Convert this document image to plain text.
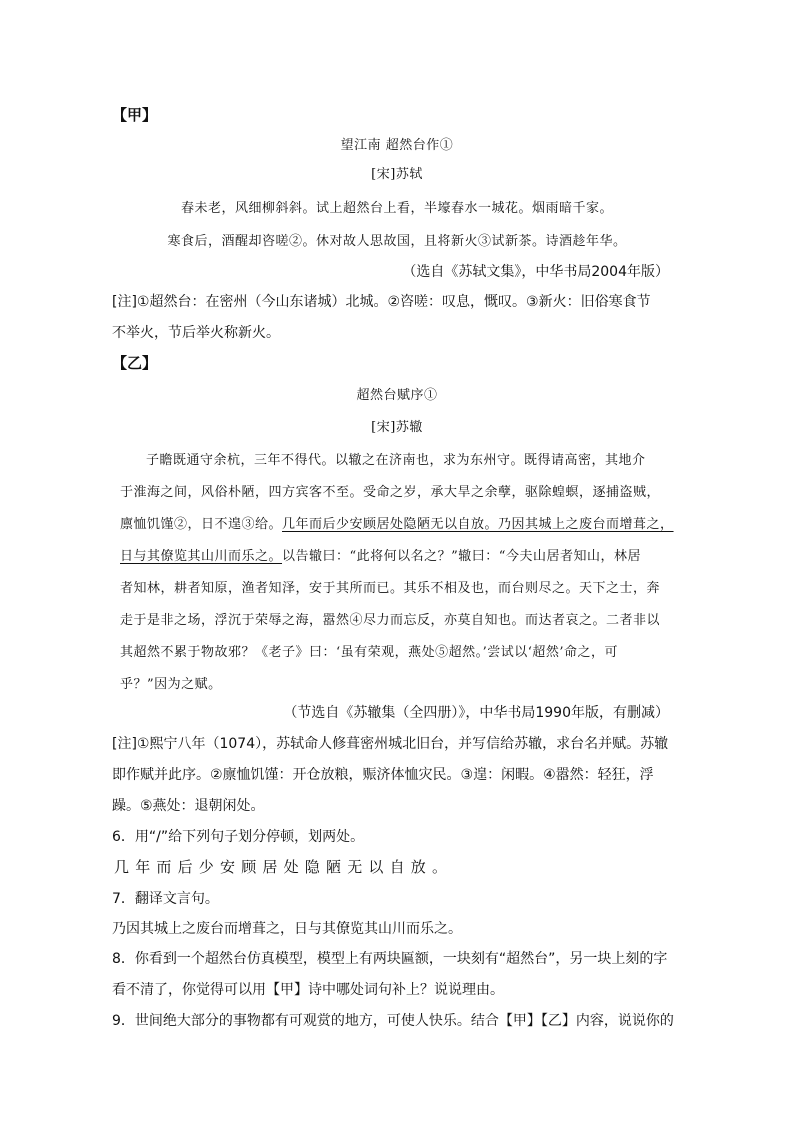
【甲】
望江南 超然台作①
[宋]苏轼
春未老，风细柳斜斜。试上超然台上看，半壕春水一城花。烟雨暗千家。
寒食后，酒醒却咨嗟②。休对故人思故国，且将新火③试新茶。诗酒趁年华。
（选自《苏轼文集》，中华书局2004年版）
[注]①超然台：在密州（今山东诸城）北城。②咨嗟：叹息，慨叹。③新火：旧俗寒食节
不举火，节后举火称新火。
【乙】
超然台赋序①
[宋]苏辙
子瞻既通守余杭，三年不得代。以辙之在济南也，求为东州守。既得请高密，其地介
于淮海之间，风俗朴陋，四方宾客不至。受命之岁，承大旱之余孽，驱除蝗螟，逐捕盗贼，
廪恤饥馑②，日不遑③给。几年而后少安顾居处隐陋无以自放。乃因其城上之废台而增葺之，
日与其僚览其山川而乐之。以告辙曰：“此将何以名之？”辙曰：“今夫山居者知山，林居
者知林，耕者知原，渔者知泽，安于其所而已。其乐不相及也，而台则尽之。天下之士，奔
走于是非之场，浮沉于荣辱之海，嚣然④尽力而忘反，亦莫自知也。而达者哀之。二者非以
其超然不累于物故邪？《老子》曰：‘虽有荣观，燕处⑤超然。’尝试以‘超然’命之，可
乎？”因为之赋。
（节选自《苏辙集（全四册）》，中华书局1990年版，有删减）
[注]①熙宁八年（1074），苏轼命人修葺密州城北旧台，并写信给苏辙，求台名并赋。苏辙
即作赋并此序。②廪恤饥馑：开仓放粮，赈济体恤灾民。③遑：闲暇。④嚣然：轻狂，浮
躁。⑤燕处：退朝闲处。
6．用“/”给下列句子划分停顿，划两处。
几年而后少安顾居处隐陋无以自放。
7．翻译文言句。
乃因其城上之废台而增葺之，日与其僚览其山川而乐之。
8．你看到一个超然台仿真模型，模型上有两块匾额，一块刻有“超然台”，另一块上刻的字
看不清了，你觉得可以用【甲】诗中哪处词句补上？说说理由。
9．世间绝大部分的事物都有可观赏的地方，可使人快乐。结合【甲】【乙】内容，说说你的
